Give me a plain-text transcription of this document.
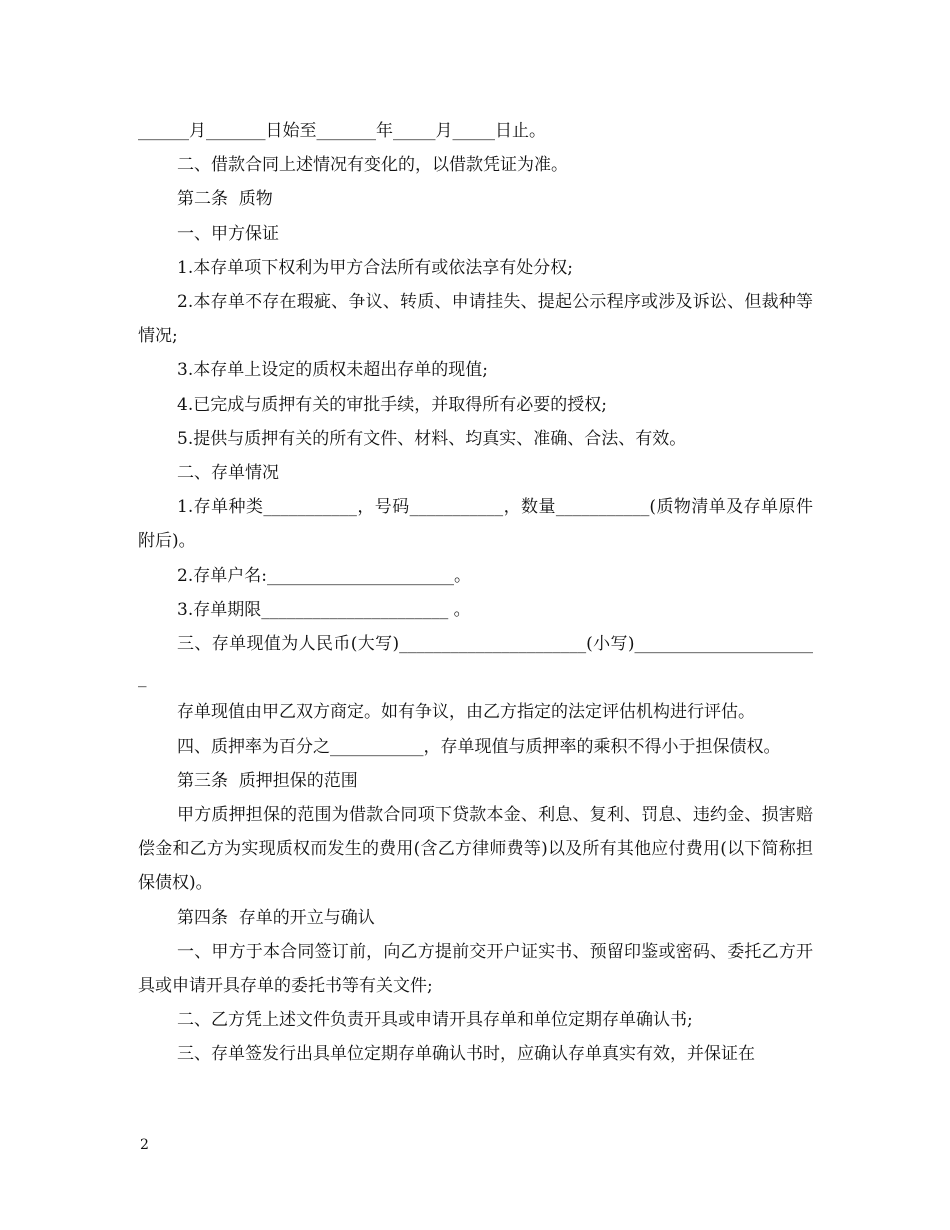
______月_______日始至_______年_____月_____日止。

二、借款合同上述情况有变化的，以借款凭证为准。

第二条  质物

一、甲方保证

1.本存单项下权利为甲方合法所有或依法享有处分权;

2.本存单不存在瑕疵、争议、转质、申请挂失、提起公示程序或涉及诉讼、但裁种等情况;

3.本存单上设定的质权未超出存单的现值;

4.已完成与质押有关的审批手续，并取得所有必要的授权;

5.提供与质押有关的所有文件、材料、均真实、准确、合法、有效。

二、存单情况

1.存单种类___________，号码___________，数量___________(质物清单及存单原件附后)。

2.存单户名:______________________。

3.存单期限______________________ 。

三、存单现值为人民币(大写)______________________(小写)______________________

存单现值由甲乙双方商定。如有争议，由乙方指定的法定评估机构进行评估。

四、质押率为百分之___________，存单现值与质押率的乘积不得小于担保债权。

第三条  质押担保的范围

甲方质押担保的范围为借款合同项下贷款本金、利息、复利、罚息、违约金、损害赔偿金和乙方为实现质权而发生的费用(含乙方律师费等)以及所有其他应付费用(以下简称担保债权)。

第四条  存单的开立与确认

一、甲方于本合同签订前，向乙方提前交开户证实书、预留印鉴或密码、委托乙方开具或申请开具存单的委托书等有关文件;

二、乙方凭上述文件负责开具或申请开具存单和单位定期存单确认书;

三、存单签发行出具单位定期存单确认书时，应确认存单真实有效，并保证在

2
